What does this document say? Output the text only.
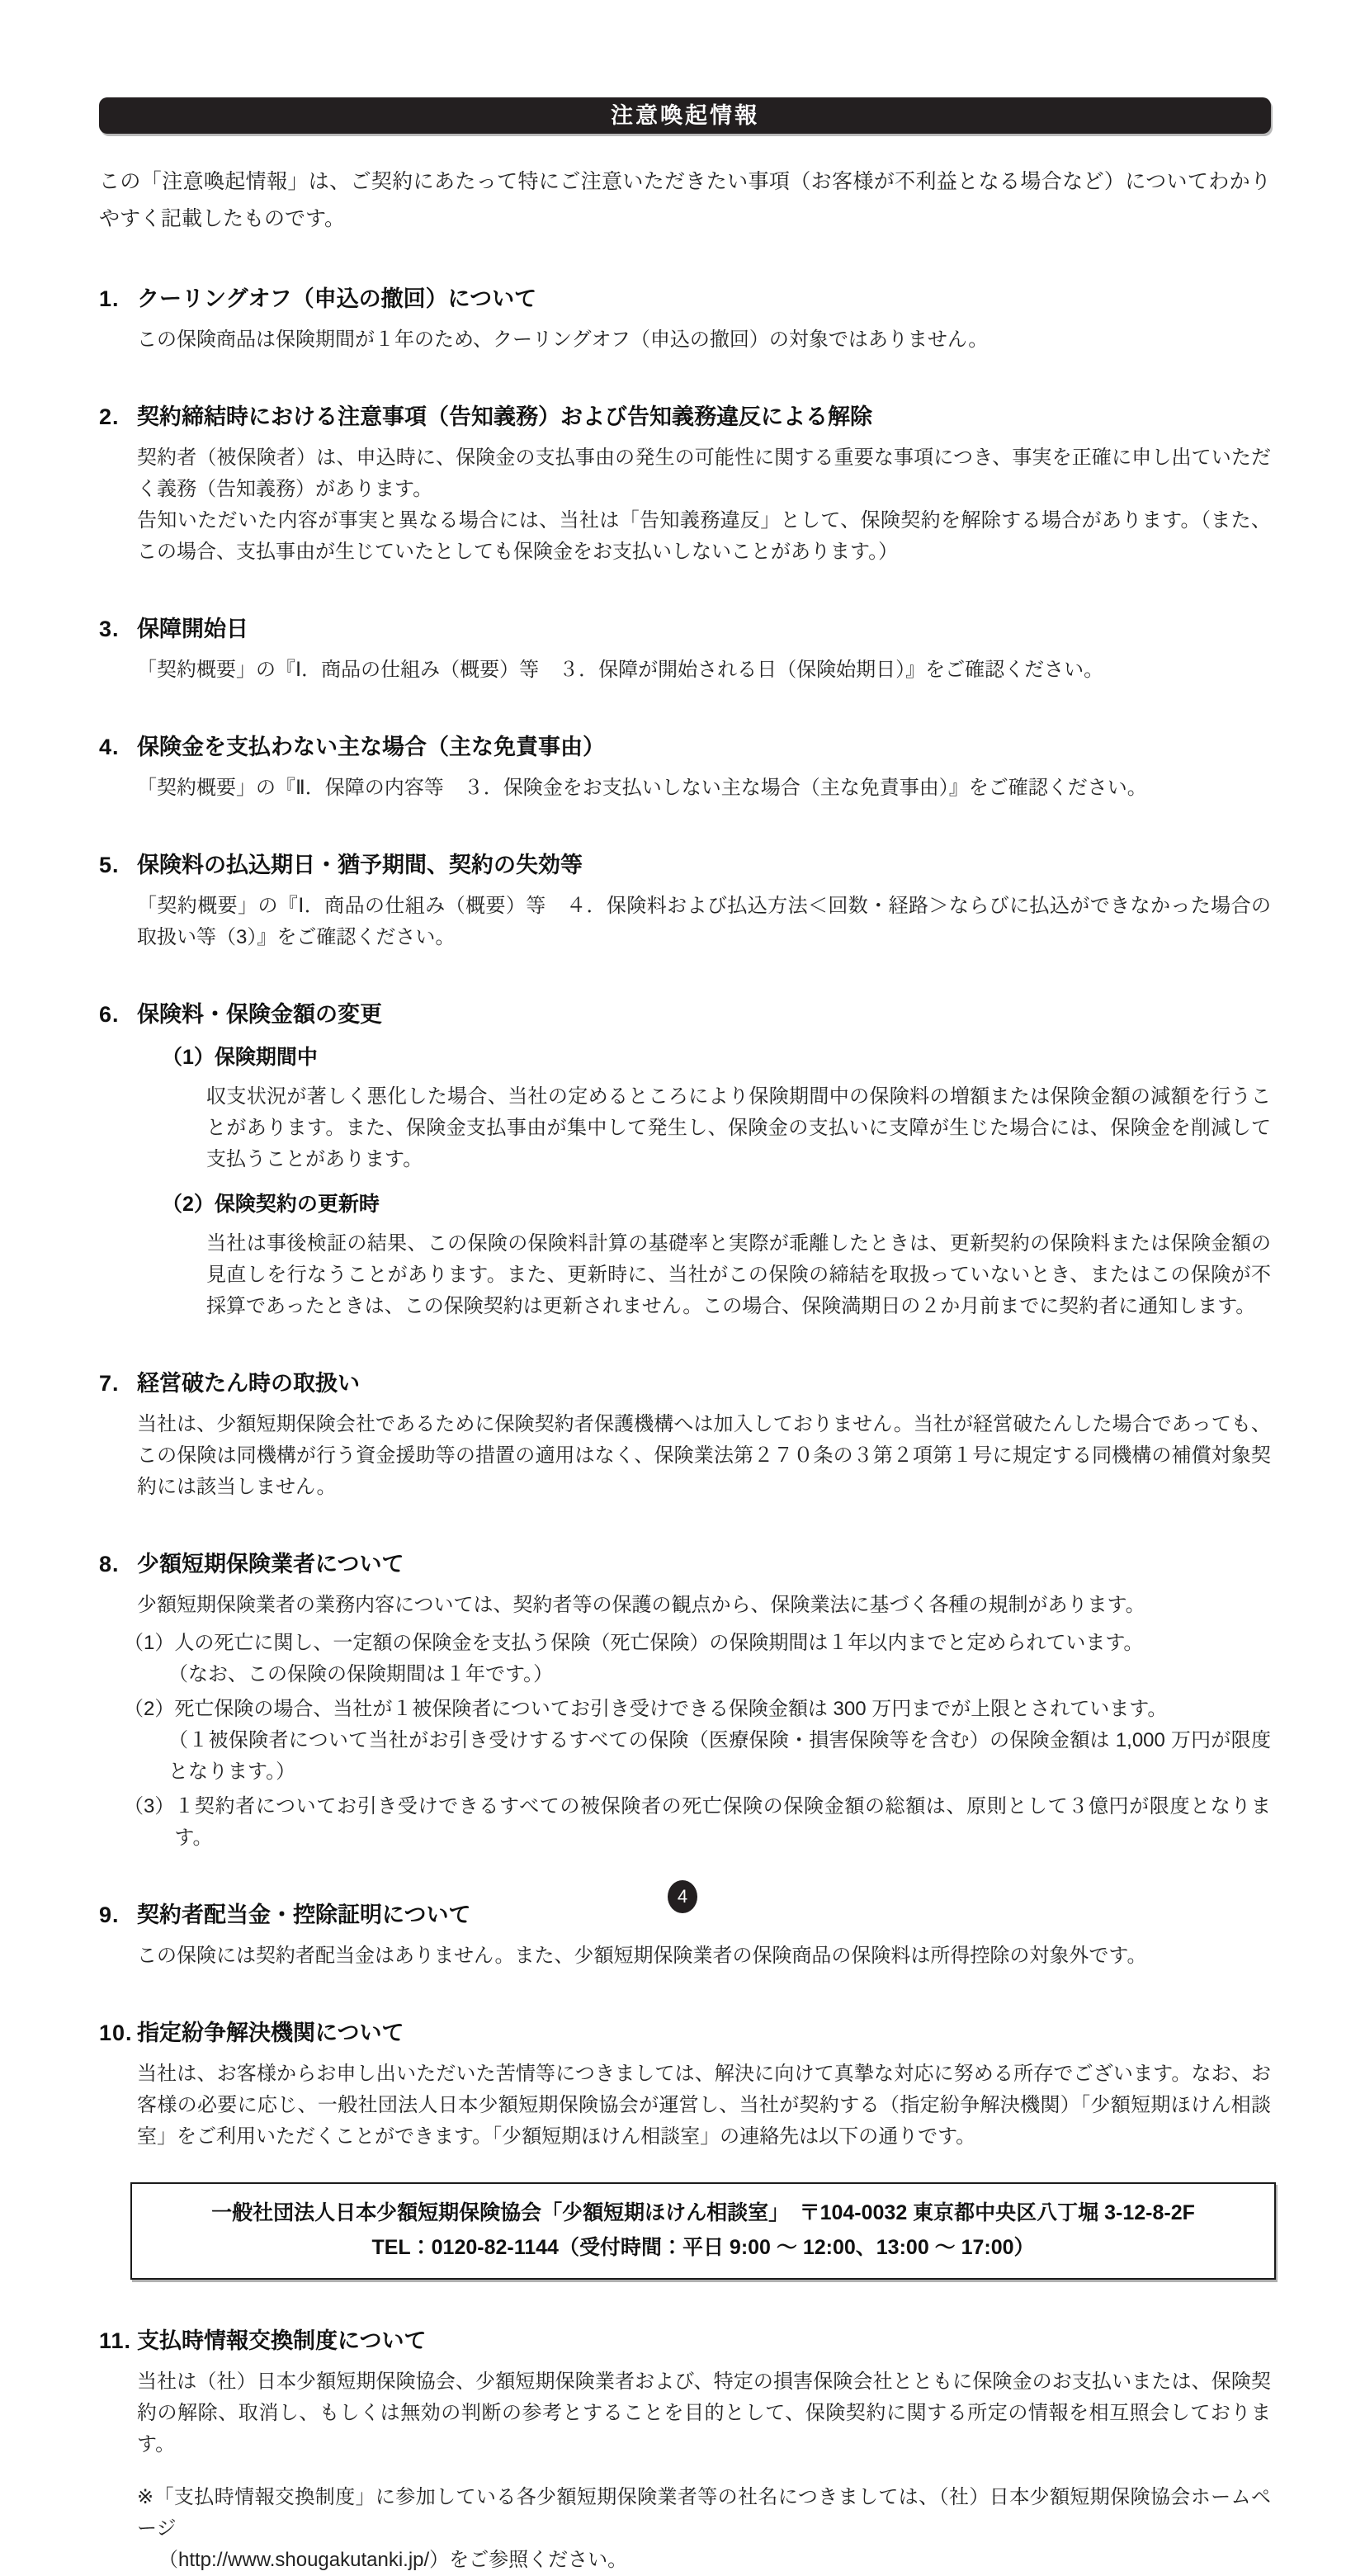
注意喚起情報
この「注意喚起情報」は、ご契約にあたって特にご注意いただきたい事項（お客様が不利益となる場合など）についてわかりやすく記載したものです。
1. クーリングオフ（申込の撤回）について

この保険商品は保険期間が１年のため、クーリングオフ（申込の撤回）の対象ではありません。

2. 契約締結時における注意事項（告知義務）および告知義務違反による解除

契約者（被保険者）は、申込時に、保険金の支払事由の発生の可能性に関する重要な事項につき、事実を正確に申し出ていただく義務（告知義務）があります。

告知いただいた内容が事実と異なる場合には、当社は「告知義務違反」として、保険契約を解除する場合があります。（また、この場合、支払事由が生じていたとしても保険金をお支払いしないことがあります。）

3. 保障開始日

「契約概要」の『Ⅰ．商品の仕組み（概要）等　３．保障が開始される日（保険始期日）』をご確認ください。

4. 保険金を支払わない主な場合（主な免責事由）

「契約概要」の『Ⅱ．保障の内容等　３．保険金をお支払いしない主な場合（主な免責事由）』をご確認ください。

5. 保険料の払込期日・猶予期間、契約の失効等

「契約概要」の『Ⅰ．商品の仕組み（概要）等　４．保険料および払込方法＜回数・経路＞ならびに払込ができなかった場合の取扱い等（3）』をご確認ください。

6. 保険料・保険金額の変更
（1） 保険期間中
収支状況が著しく悪化した場合、当社の定めるところにより保険期間中の保険料の増額または保険金額の減額を行うことがあります。また、保険金支払事由が集中して発生し、保険金の支払いに支障が生じた場合には、保険金を削減して支払うことがあります。
（2） 保険契約の更新時
当社は事後検証の結果、この保険の保険料計算の基礎率と実際が乖離したときは、更新契約の保険料または保険金額の見直しを行なうことがあります。また、更新時に、当社がこの保険の締結を取扱っていないとき、またはこの保険が不採算であったときは、この保険契約は更新されません。この場合、保険満期日の２か月前までに契約者に通知します。
7. 経営破たん時の取扱い

当社は、少額短期保険会社であるために保険契約者保護機構へは加入しておりません。当社が経営破たんした場合であっても、この保険は同機構が行う資金援助等の措置の適用はなく、保険業法第２７０条の３第２項第１号に規定する同機構の補償対象契約には該当しません。

8. 少額短期保険業者について

少額短期保険業者の業務内容については、契約者等の保護の観点から、保険業法に基づく各種の規制があります。

（1） 人の死亡に関し、一定額の保険金を支払う保険（死亡保険）の保険期間は１年以内までと定められています。
（なお、この保険の保険期間は１年です。）
（2） 死亡保険の場合、当社が１被保険者についてお引き受けできる保険金額は 300 万円までが上限とされています。
（１被保険者について当社がお引き受けするすべての保険（医療保険・損害保険等を含む）の保険金額は 1,000 万円が限度となります。）
（3） １契約者についてお引き受けできるすべての被保険者の死亡保険の保険金額の総額は、原則として３億円が限度となります。
9. 契約者配当金・控除証明について

この保険には契約者配当金はありません。また、少額短期保険業者の保険商品の保険料は所得控除の対象外です。

10. 指定紛争解決機関について

当社は、お客様からお申し出いただいた苦情等につきましては、解決に向けて真摯な対応に努める所存でございます。なお、お客様の必要に応じ、一般社団法人日本少額短期保険協会が運営し、当社が契約する（指定紛争解決機関）「少額短期ほけん相談室」をご利用いただくことができます。「少額短期ほけん相談室」の連絡先は以下の通りです。

一般社団法人日本少額短期保険協会「少額短期ほけん相談室」　〒104-0032 東京都中央区八丁堀 3-12-8-2F

TEL：0120-82-1144（受付時間：平日 9:00 ～ 12:00、13:00 ～ 17:00）

11. 支払時情報交換制度について

当社は（社）日本少額短期保険協会、少額短期保険業者および、特定の損害保険会社とともに保険金のお支払いまたは、保険契約の解除、取消し、もしくは無効の判断の参考とすることを目的として、保険契約に関する所定の情報を相互照会しております。

※「支払時情報交換制度」に参加している各少額短期保険業者等の社名につきましては、（社）日本少額短期保険協会ホームページ
（http://www.shougakutanki.jp/）をご参照ください。
4
